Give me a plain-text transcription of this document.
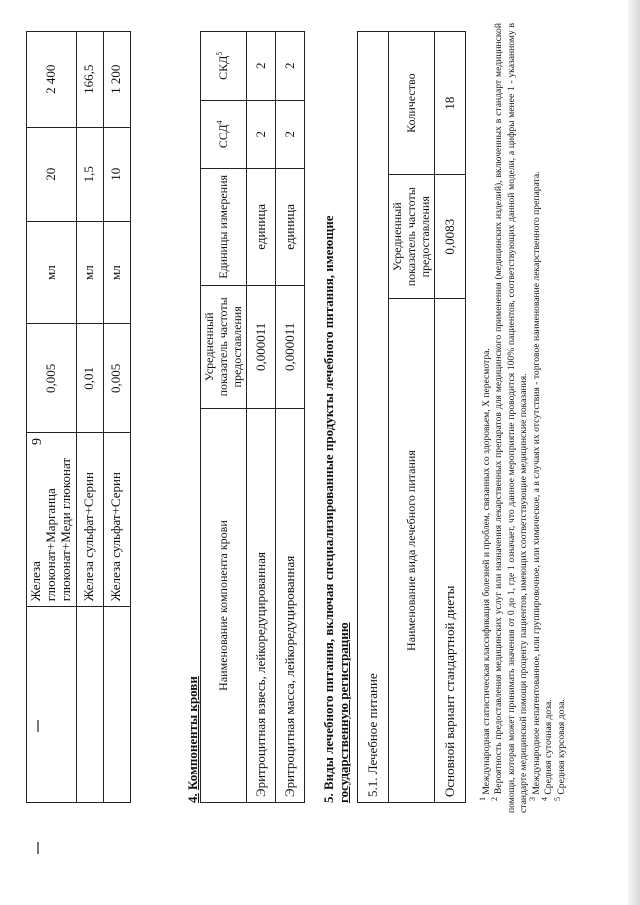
9

	Железа глюконат+Марганца глюконат+Меди глюконат	0,005	мл	20	2 400
	Железа сульфат+Серин	0,01	мл	1,5	166,5
	Железа сульфат+Серин	0,005	мл	10	1 200
4. Компоненты крови
Наименование компонента крови	Усредненный показатель частоты предоставления	Единицы измерения	ССД$^4$	СКД$^5$
Эритроцитная взвесь, лейкоредуцированная	0,000011	единица	2	2
Эритроцитная масса, лейкоредуцированная	0,000011	единица	2	2
5. Виды лечебного питания, включая специализированные продукты лечебного питания, имеющие государственную регистрацию 5.1. Лечебное питание		
Наименование вида лечебного питания	Усредненный показатель частоты предоставления	Количество
Основной вариант стандартной диеты	0,0083	18

$^1$ Международная статистическая классификация болезней и проблем, связанных со здоровьем, X пересмотра.

$^2$ Вероятность предоставления медицинских услуг или назначения лекарственных препаратов для медицинского применения (медицинских изделий), включенных в стандарт медицинской помощи, которая может принимать значения от 0 до 1, где 1 означает, что данное мероприятие проводится 100% пациентов, соответствующих данной модели, а цифры менее 1 - указанному в стандарте медицинской помощи проценту пациентов, имеющих соответствующие медицинские показания.

$^3$ Международное непатентованное, или группировочное, или химическое, а в случаях их отсутствия - торговое наименование лекарственного препарата.

$^4$ Средняя суточная доза.

$^5$ Средняя курсовая доза.
